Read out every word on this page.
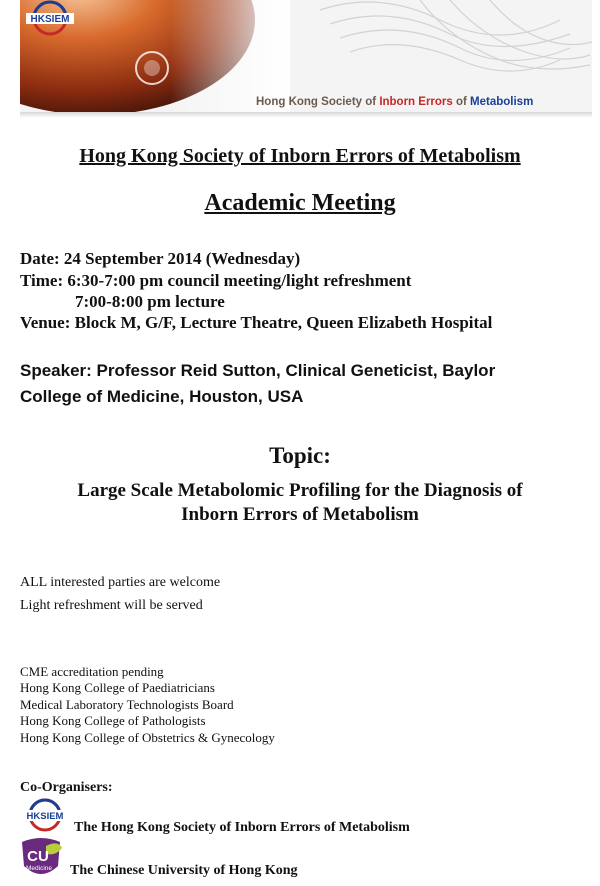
HKSIEM
Hong Kong Society of Inborn Errors of Metabolism
Hong Kong Society of Inborn Errors of Metabolism
Academic Meeting
Date: 24 September 2014 (Wednesday)
Time: 6:30-7:00 pm council meeting/light refreshment
7:00-8:00 pm lecture
Venue: Block M, G/F, Lecture Theatre, Queen Elizabeth Hospital
Speaker: Professor Reid Sutton, Clinical Geneticist, Baylor College of Medicine, Houston, USA
Topic:
Large Scale Metabolomic Profiling for the Diagnosis of
Inborn Errors of Metabolism
ALL interested parties are welcome
Light refreshment will be served
CME accreditation pending
Hong Kong College of Paediatricians
Medical Laboratory Technologists Board
Hong Kong College of Pathologists
Hong Kong College of Obstetrics & Gynecology
Co-Organisers:
HKSIEM
The Hong Kong Society of Inborn Errors of Metabolism
CU
Medicine The Chinese University of Hong Kong
